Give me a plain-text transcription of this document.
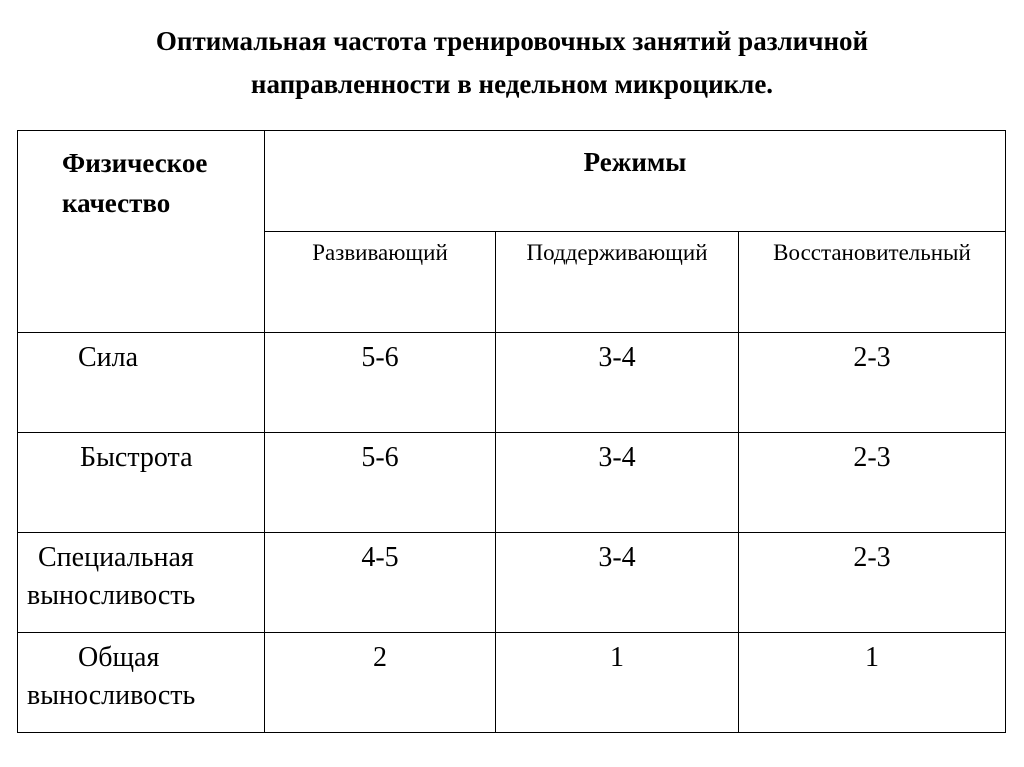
Оптимальная частота тренировочных занятий различной
направленности в недельном микроцикле.
Физическое
качество	Режимы		

	Развивающий	Поддерживающий	Восстановительный

Сила	5-6	3-4	2-3

Быстрота	5-6	3-4	2-3

Специальная
выносливость	4-5	3-4	2-3

Общая
выносливость	2	1	1
